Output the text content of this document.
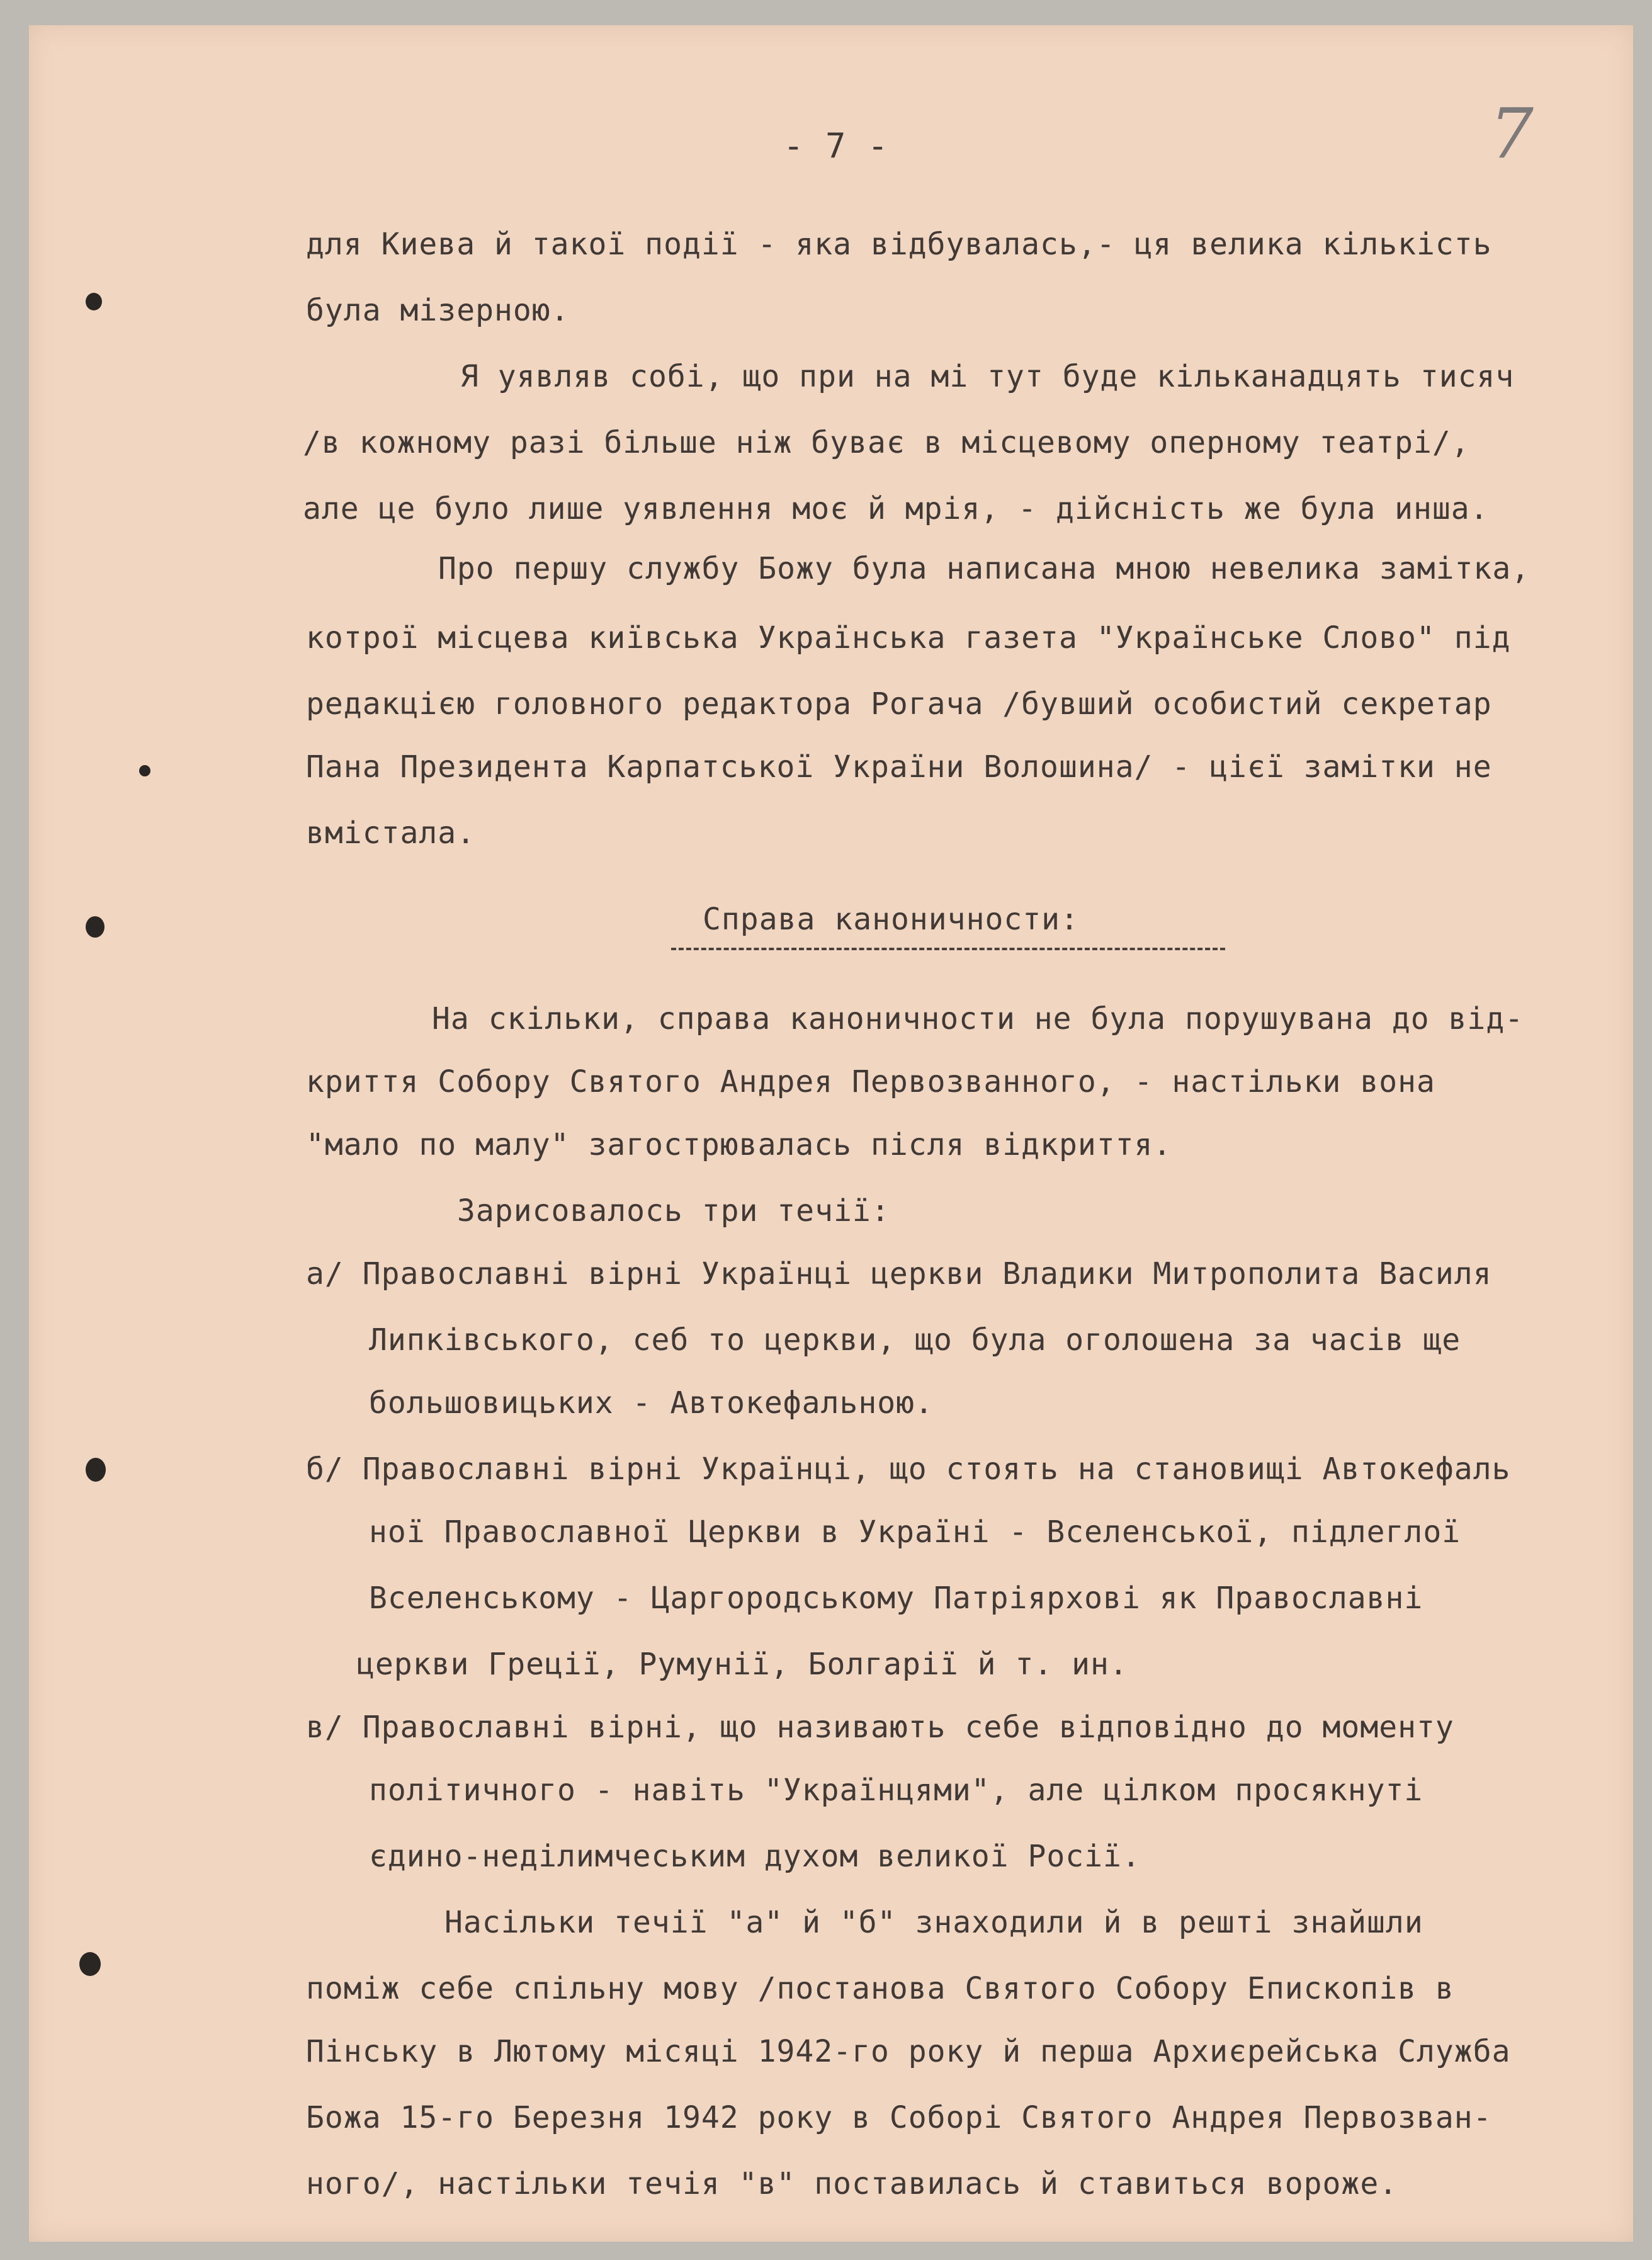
- 7 -	7
для Киева й такої події - яка відбувалась,- ця велика кількість
була мізерною.
Я уявляв собі, що при на мі тут буде кільканадцять тисяч
/в кожному разі більше ніж буває в місцевому оперному театрі/,
але це було лише уявлення моє й мрія, - дійсність же була инша.
Про першу службу Божу була написана мною невелика замітка,
котрої місцева київська Українська газета "Українське Слово" під
редакцією головного редактора Рогача /бувший особистий секретар
Пана Президента Карпатської України Волошина/ - цієї замітки не
вмістала.
Справа каноничности:
На скільки, справа каноничности не була порушувана до від-
криття Собору Святого Андрея Первозванного, - настільки вона
"мало по малу" загострювалась після відкриття.
Зарисовалось три течії:
а/ Православні вірні Українці церкви Владики Митрополита Василя
Липківського, себ то церкви, що була оголошена за часів ще
большовицьких - Автокефальною.
б/ Православні вірні Українці, що стоять на становищі Автокефаль
ної Православної Церкви в Україні - Вселенської, підлеглої
Вселенському - Царгородському Патріярхові як Православні
церкви Греції, Румунії, Болгарії й т. ин.
в/ Православні вірні, що називають себе відповідно до моменту
політичного - навіть "Українцями", але цілком просякнуті
єдино-неділимчеським духом великої Росії.
Насільки течії "а" й "б" знаходили й в решті знайшли
поміж себе спільну мову /постанова Святого Собору Епископів в
Пінську в Лютому місяці 1942-го року й перша Архиєрейська Служба
Божа 15-го Березня 1942 року в Соборі Святого Андрея Первозван-
ного/, настільки течія "в" поставилась й ставиться вороже.
